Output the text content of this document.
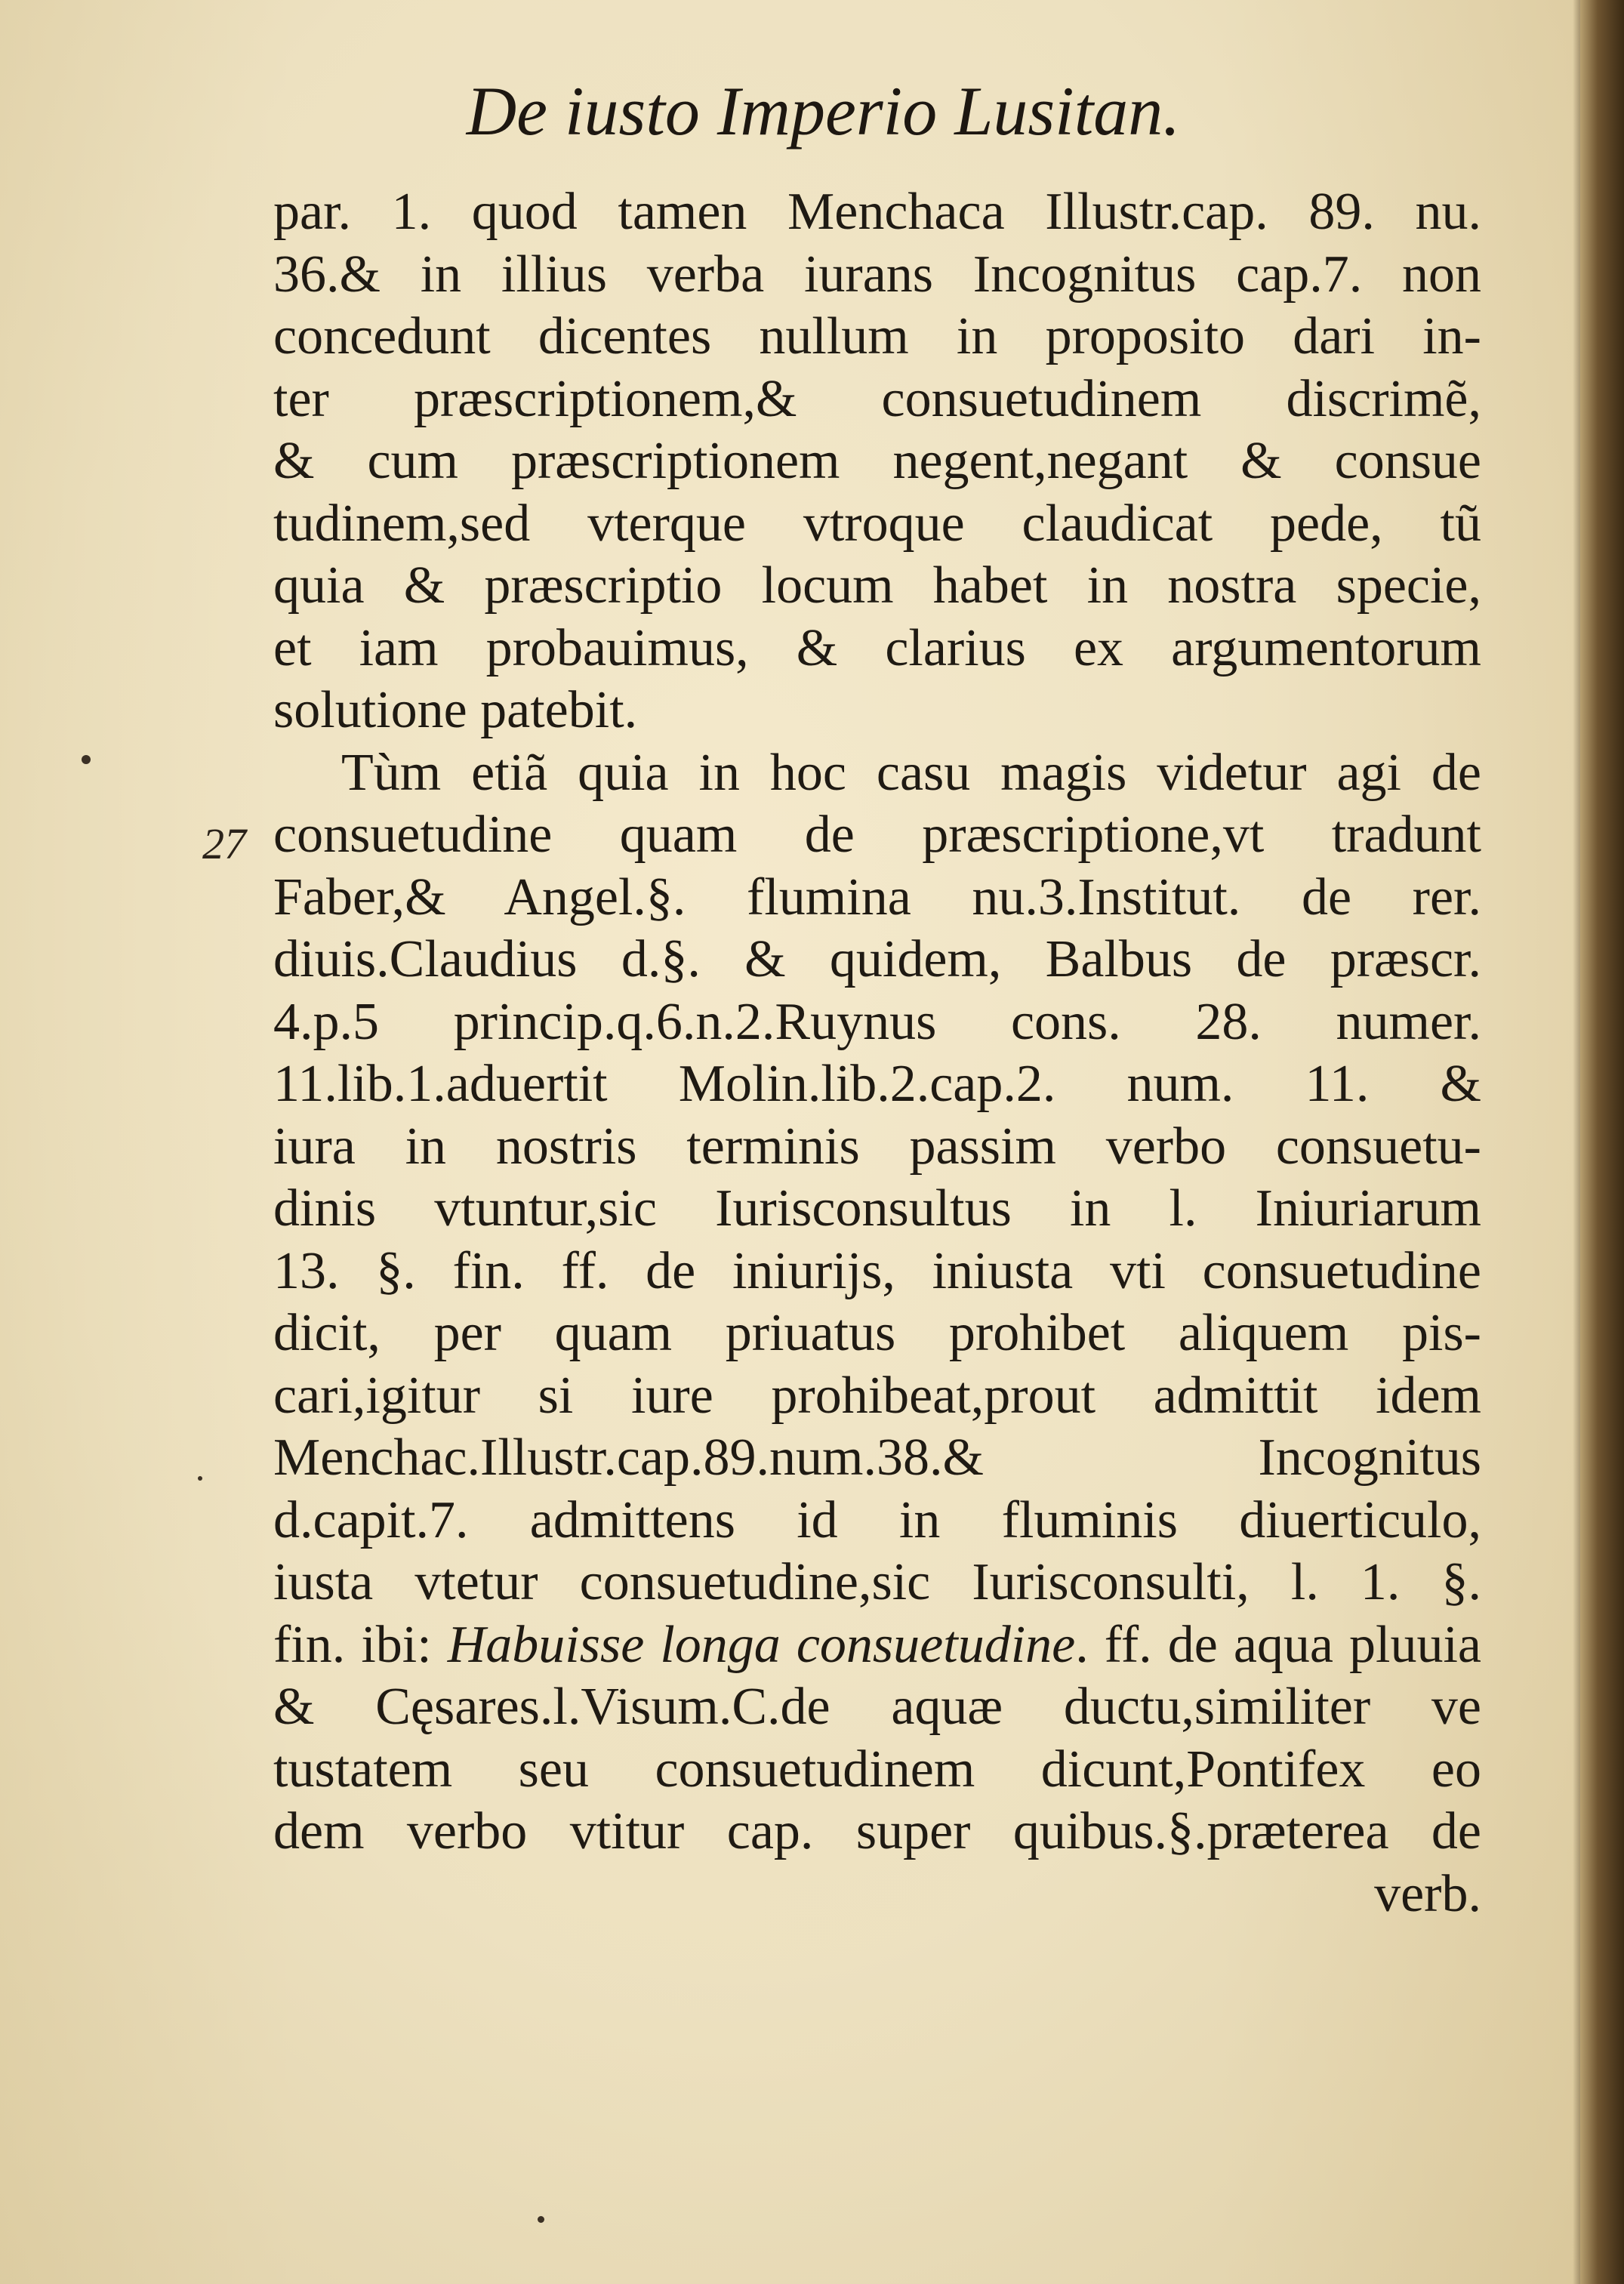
De iusto Imperio Lusitan.
27
par. 1. quod tamen Menchaca Illustr.cap. 89. nu.
36.& in illius verba iurans Incognitus cap.7. non
concedunt dicentes nullum in proposito dari in-
ter præscriptionem,& consuetudinem discrimẽ,
& cum præscriptionem negent,negant & consue
tudinem,sed vterque vtroque claudicat pede, tũ
quia & præscriptio locum habet in nostra specie,
et iam probauimus, & clarius ex argumentorum
solutione patebit.
Tùm etiã quia in hoc casu magis videtur agi de
consuetudine quam de præscriptione,vt tradunt
Faber,& Angel.§. flumina nu.3.Institut. de rer.
diuis.Claudius d.§. & quidem, Balbus de præscr.
4.p.5 princip.q.6.n.2.Ruynus cons. 28. numer.
11.lib.1.aduertit Molin.lib.2.cap.2. num. 11. &
iura in nostris terminis passim verbo consuetu-
dinis vtuntur,sic Iurisconsultus in l. Iniuriarum
13. §. fin. ff. de iniurijs, iniusta vti consuetudine
dicit, per quam priuatus prohibet aliquem pis-
cari,igitur si iure prohibeat,prout admittit idem
Menchac.Illustr.cap.89.num.38.& Incognitus
d.capit.7. admittens id in fluminis diuerticulo,
iusta vtetur consuetudine,sic Iurisconsulti, l. 1. §.
fin. ibi: Habuisse longa consuetudine. ff. de aqua pluuia
& Cęsares.l.Visum.C.de aquæ ductu,similiter ve
tustatem seu consuetudinem dicunt,Pontifex eo
dem verbo vtitur cap. super quibus.§.præterea de
verb.
